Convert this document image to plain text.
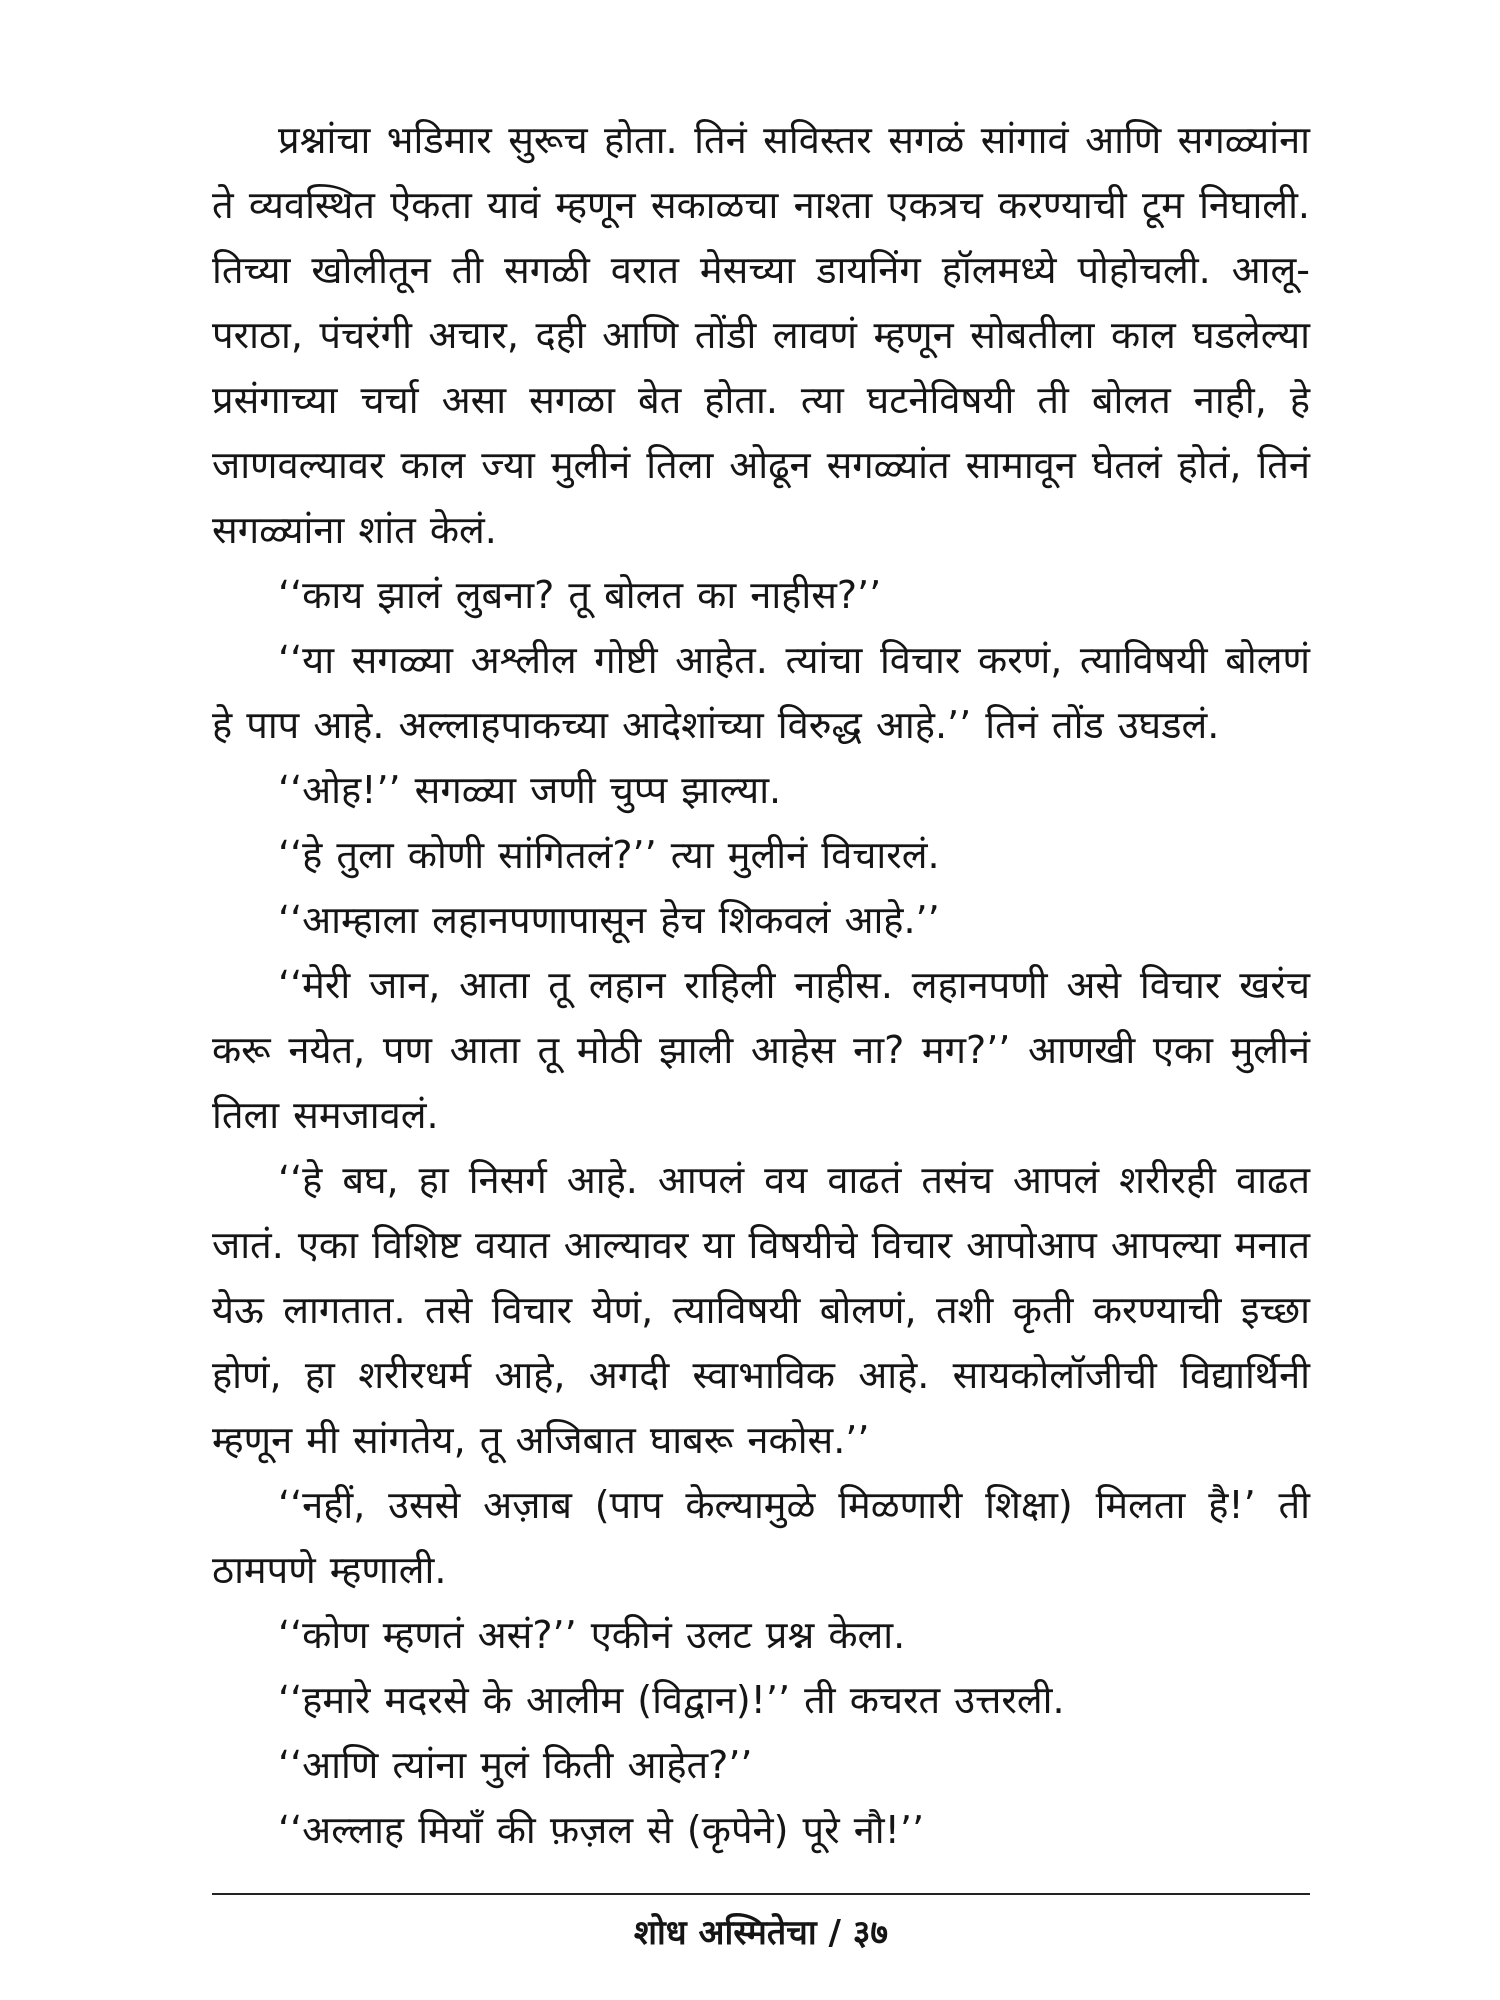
प्रश्नांचा भडिमार सुरूच होता. तिनं सविस्तर सगळं सांगावं आणि सगळ्यांना ते व्यवस्थित ऐकता यावं म्हणून सकाळचा नाश्ता एकत्रच करण्याची टूम निघाली. तिच्या खोलीतून ती सगळी वरात मेसच्या डायनिंग हॉलमध्ये पोहोचली. आलू-पराठा, पंचरंगी अचार, दही आणि तोंडी लावणं म्हणून सोबतीला काल घडलेल्या प्रसंगाच्या चर्चा असा सगळा बेत होता. त्या घटनेविषयी ती बोलत नाही, हे जाणवल्यावर काल ज्या मुलीनं तिला ओढून सगळ्यांत सामावून घेतलं होतं, तिनं सगळ्यांना शांत केलं.

‘‘काय झालं लुबना? तू बोलत का नाहीस?’’

‘‘या सगळ्या अश्लील गोष्टी आहेत. त्यांचा विचार करणं, त्याविषयी बोलणं हे पाप आहे. अल्लाहपाकच्या आदेशांच्या विरुद्ध आहे.’’ तिनं तोंड उघडलं.

‘‘ओह!’’ सगळ्या जणी चुप्प झाल्या.

‘‘हे तुला कोणी सांगितलं?’’ त्या मुलीनं विचारलं.

‘‘आम्हाला लहानपणापासून हेच शिकवलं आहे.’’

‘‘मेरी जान, आता तू लहान राहिली नाहीस. लहानपणी असे विचार खरंच करू नयेत, पण आता तू मोठी झाली आहेस ना? मग?’’ आणखी एका मुलीनं तिला समजावलं.

‘‘हे बघ, हा निसर्ग आहे. आपलं वय वाढतं तसंच आपलं शरीरही वाढत जातं. एका विशिष्ट वयात आल्यावर या विषयीचे विचार आपोआप आपल्या मनात येऊ लागतात. तसे विचार येणं, त्याविषयी बोलणं, तशी कृती करण्याची इच्छा होणं, हा शरीरधर्म आहे, अगदी स्वाभाविक आहे. सायकोलॉजीची विद्यार्थिनी म्हणून मी सांगतेय, तू अजिबात घाबरू नकोस.’’

‘‘नहीं, उससे अज़ाब (पाप केल्यामुळे मिळणारी शिक्षा) मिलता है!’ ती ठामपणे म्हणाली.

‘‘कोण म्हणतं असं?’’ एकीनं उलट प्रश्न केला.

‘‘हमारे मदरसे के आलीम (विद्वान)!’’ ती कचरत उत्तरली.

‘‘आणि त्यांना मुलं किती आहेत?’’

‘‘अल्लाह मियाँ की फ़ज़ल से (कृपेने) पूरे नौ!’’

शोध अस्मितेचा / ३७
